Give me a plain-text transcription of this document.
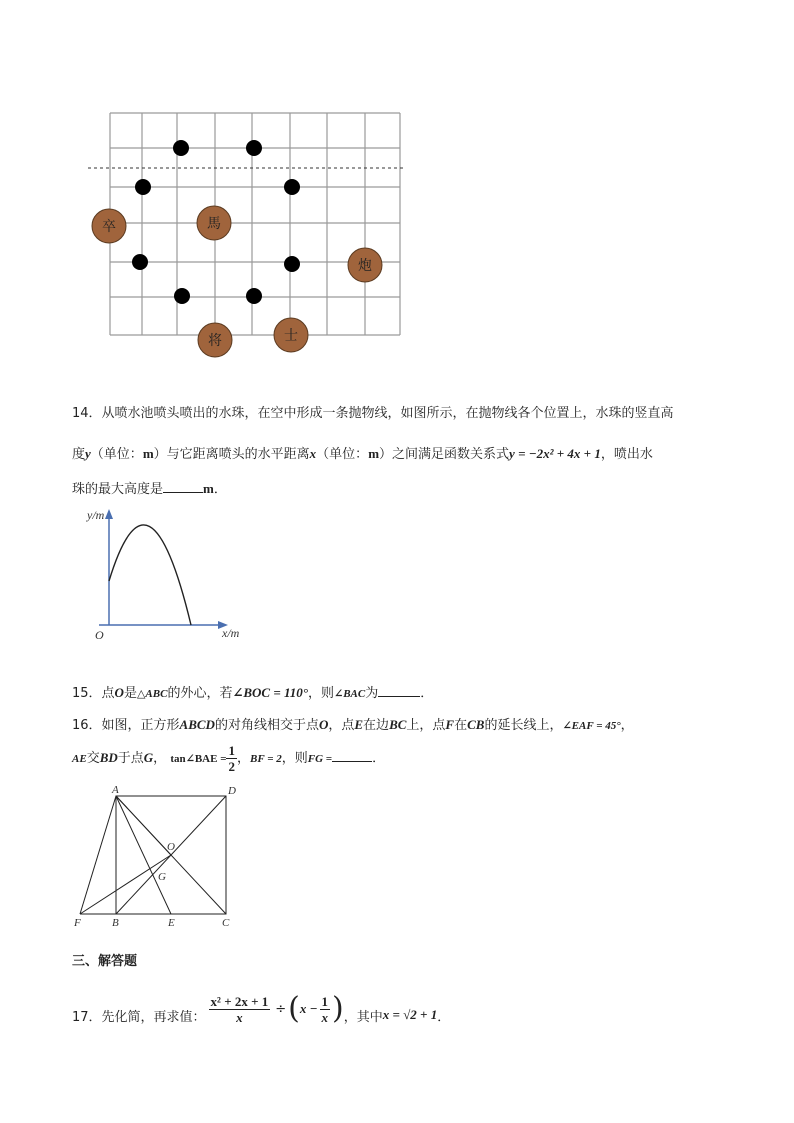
卒	馬
炮
将	士
14．从喷水池喷头喷出的水珠，在空中形成一条抛物线，如图所示，在抛物线各个位置上，水珠的竖直高
度y（单位：m）与它距离喷头的水平距离x（单位：m）之间满足函数关系式y = −2x² + 4x + 1，喷出水
珠的最大高度是	m．
y/m
x/m
O
15．点O是△ABC的外心，若∠BOC = 110°，则∠BAC为	．
16．如图，正方形ABCD的对角线相交于点O，点E在边BC上，点F在CB的延长线上，∠EAF = 45°，
AE交BD于点G， tan∠BAE = $\frac{1}{2}$ ，BF = 2，则FG =	．
A	D
B	C
E
F
G
O
三、解答题
17．先化简，再求值： $\frac{\text{x² + 2x + 1}}{x}$ ÷ ( $x - \frac{1}{x}$ ) ，其中 x = √2 + 1 ．
